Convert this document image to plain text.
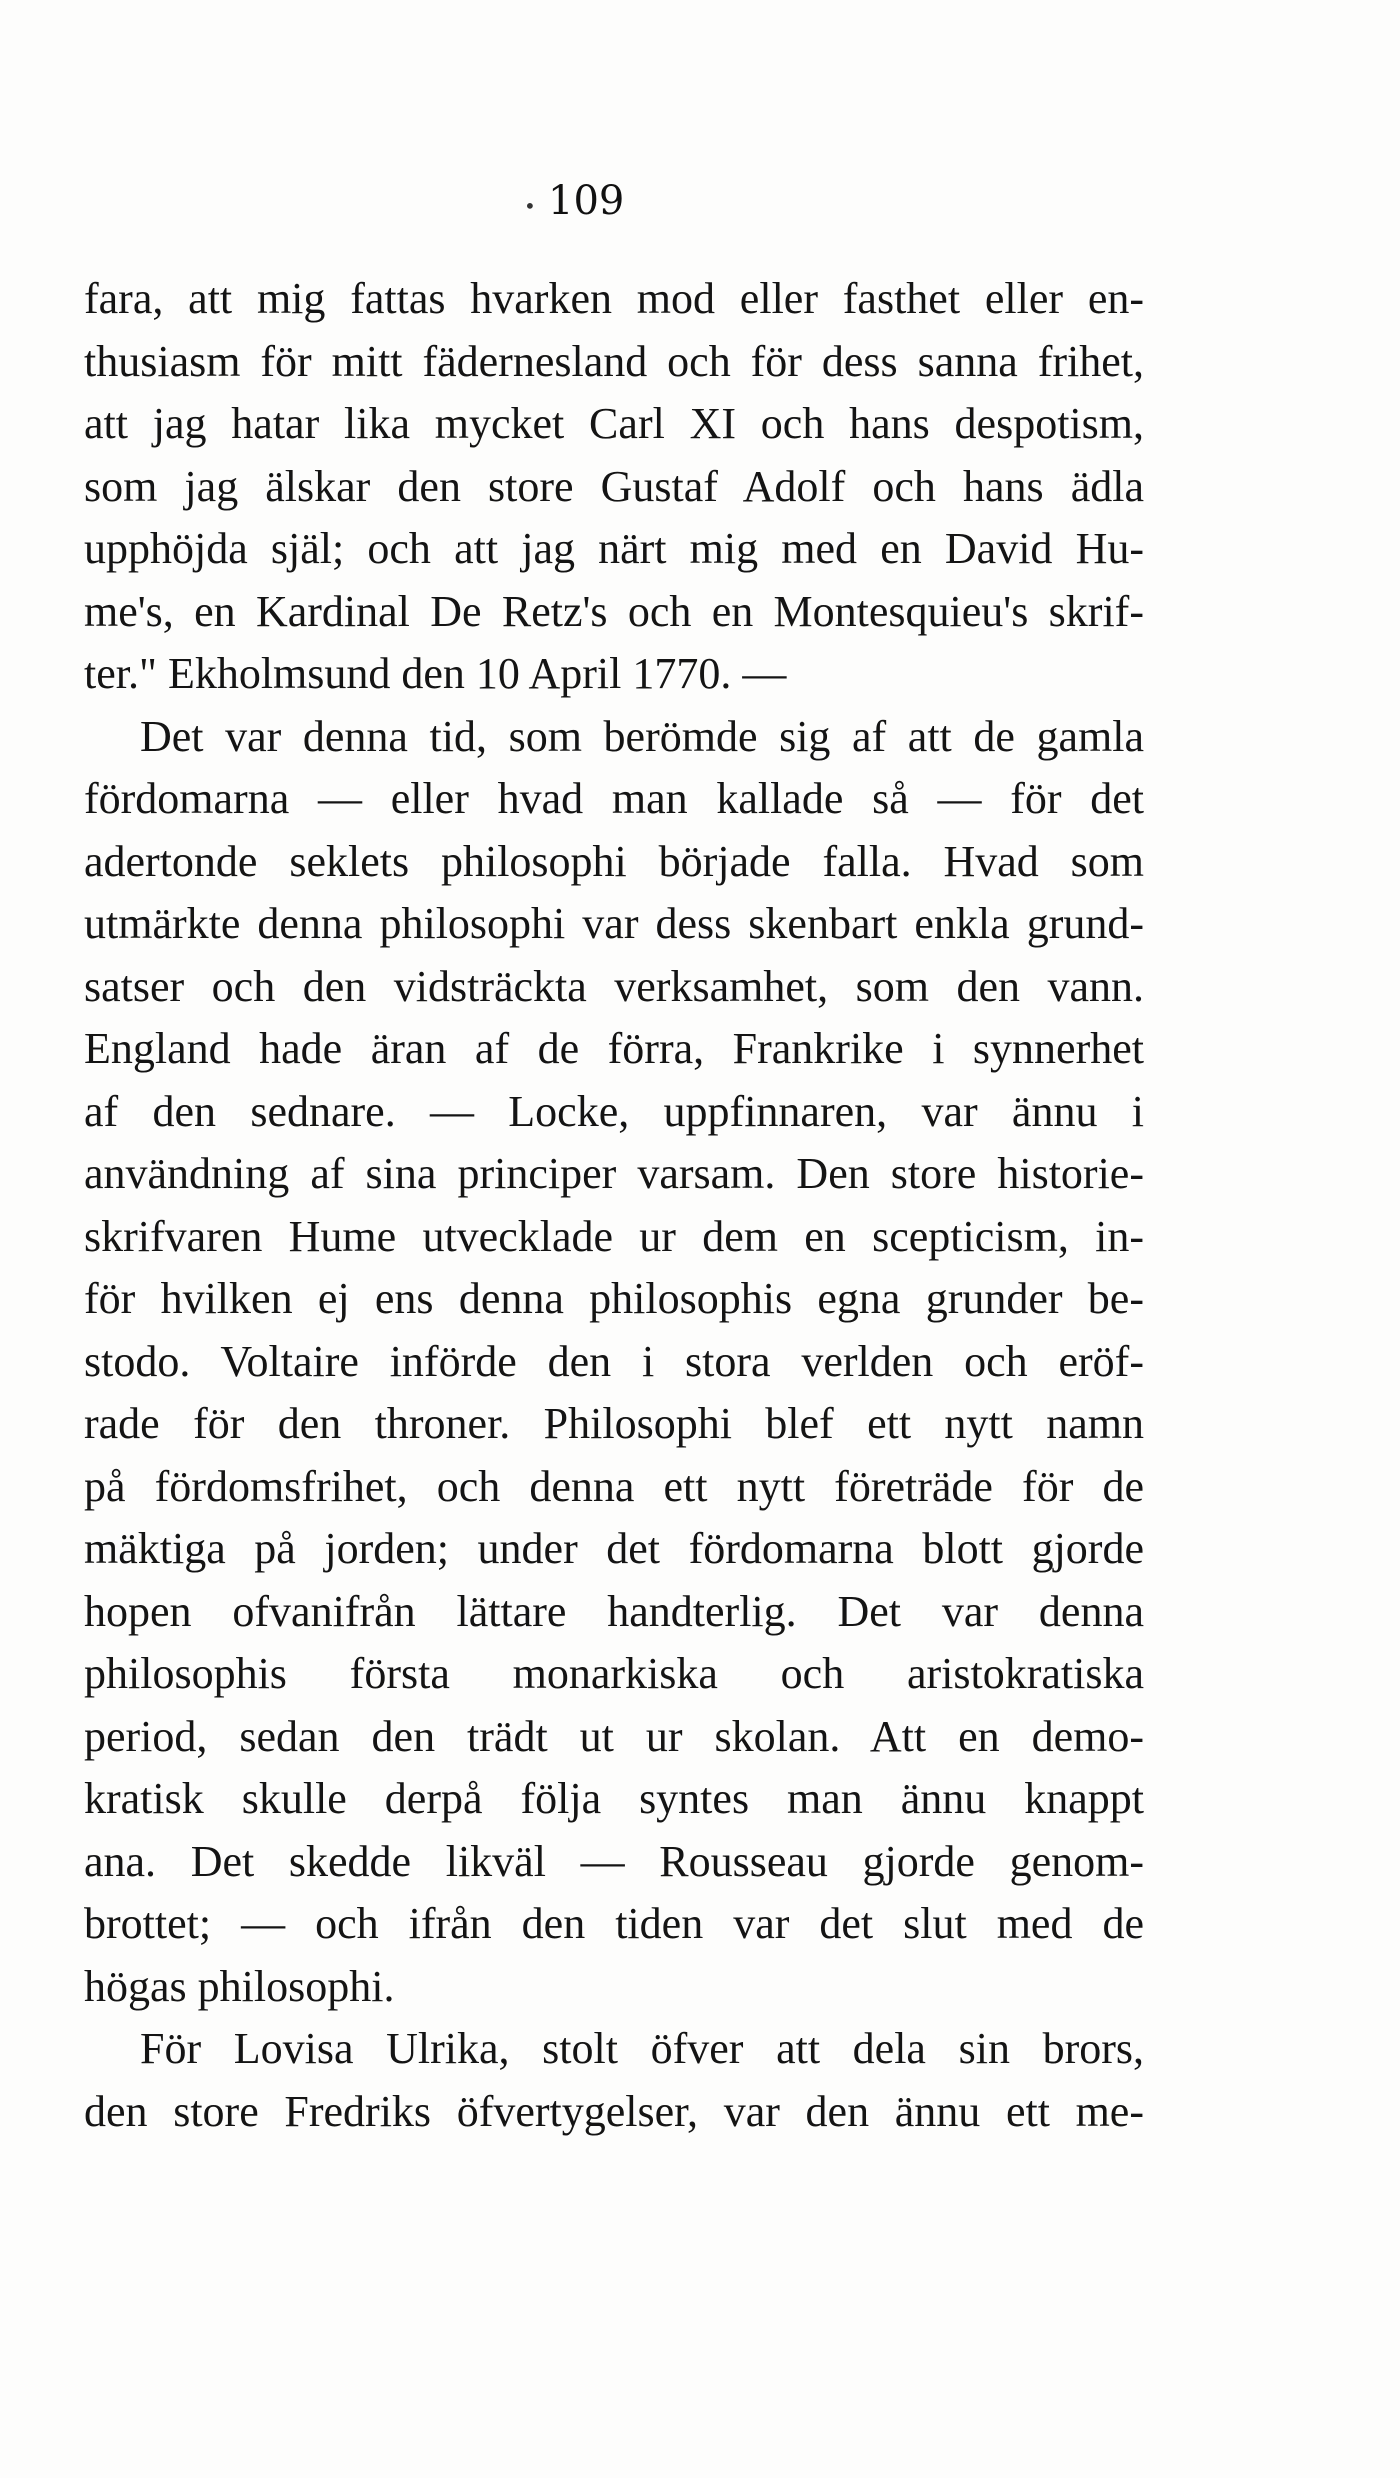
• 109

fara, att mig fattas hvarken mod eller fasthet eller en-

thusiasm för mitt fädernesland och för dess sanna frihet,

att jag hatar lika mycket Carl XI och hans despotism,

som jag älskar den store Gustaf Adolf och hans ädla

upphöjda själ; och att jag närt mig med en David Hu-

me's, en Kardinal De Retz's och en Montesquieu's skrif-

ter." Ekholmsund den 10 April 1770. —

Det var denna tid, som berömde sig af att de gamla

fördomarna — eller hvad man kallade så — för det

adertonde seklets philosophi började falla. Hvad som

utmärkte denna philosophi var dess skenbart enkla grund-

satser och den vidsträckta verksamhet, som den vann.

England hade äran af de förra, Frankrike i synnerhet

af den sednare. — Locke, uppfinnaren, var ännu i

användning af sina principer varsam. Den store historie-

skrifvaren Hume utvecklade ur dem en scepticism, in-

för hvilken ej ens denna philosophis egna grunder be-

stodo. Voltaire införde den i stora verlden och eröf-

rade för den throner. Philosophi blef ett nytt namn

på fördomsfrihet, och denna ett nytt företräde för de

mäktiga på jorden; under det fördomarna blott gjorde

hopen ofvanifrån lättare handterlig. Det var denna

philosophis första monarkiska och aristokratiska

period, sedan den trädt ut ur skolan. Att en demo-

kratisk skulle derpå följa syntes man ännu knappt

ana. Det skedde likväl — Rousseau gjorde genom-

brottet; — och ifrån den tiden var det slut med de

högas philosophi.

För Lovisa Ulrika, stolt öfver att dela sin brors,

den store Fredriks öfvertygelser, var den ännu ett me-
